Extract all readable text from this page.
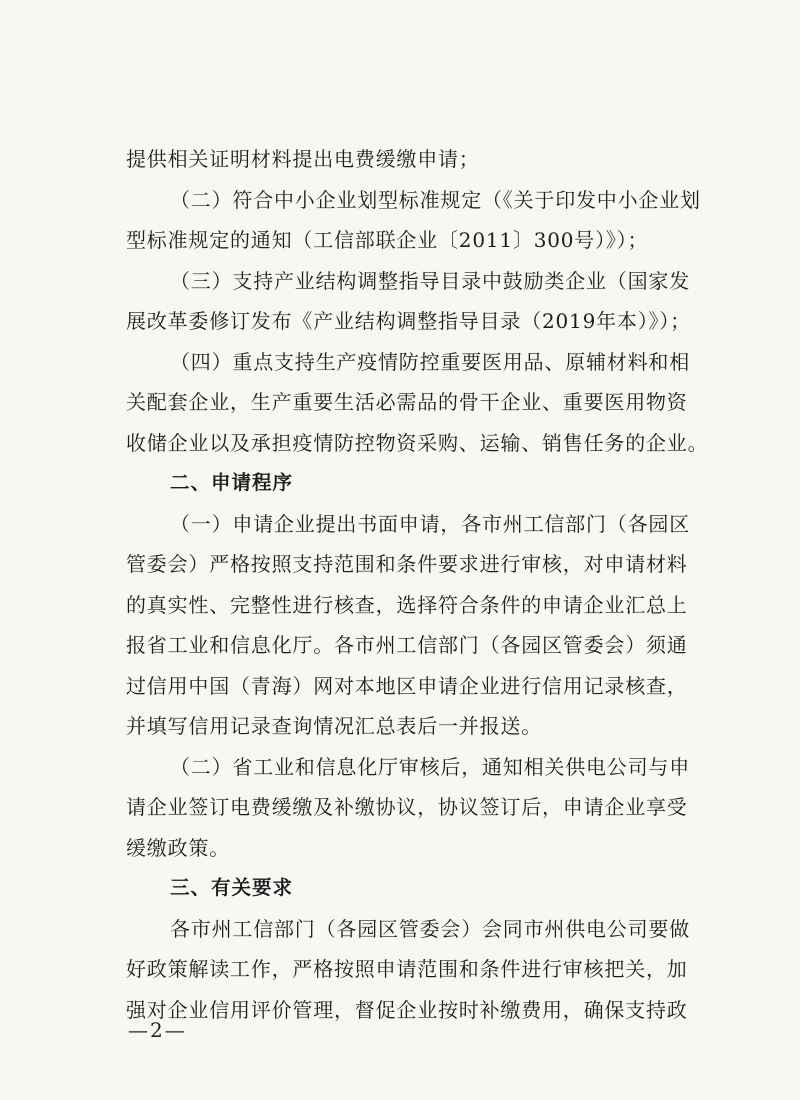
提供相关证明材料提出电费缓缴申请；
（二）符合中小企业划型标准规定（《关于印发中小企业划
型标准规定的通知（工信部联企业〔2011〕300号）》）；
（三）支持产业结构调整指导目录中鼓励类企业（国家发
展改革委修订发布《产业结构调整指导目录（2019年本）》）；
（四）重点支持生产疫情防控重要医用品、原辅材料和相
关配套企业，生产重要生活必需品的骨干企业、重要医用物资
收储企业以及承担疫情防控物资采购、运输、销售任务的企业。
二、申请程序
（一）申请企业提出书面申请，各市州工信部门（各园区
管委会）严格按照支持范围和条件要求进行审核，对申请材料
的真实性、完整性进行核查，选择符合条件的申请企业汇总上
报省工业和信息化厅。各市州工信部门（各园区管委会）须通
过信用中国（青海）网对本地区申请企业进行信用记录核查，
并填写信用记录查询情况汇总表后一并报送。
（二）省工业和信息化厅审核后，通知相关供电公司与申
请企业签订电费缓缴及补缴协议，协议签订后，申请企业享受
缓缴政策。
三、有关要求
各市州工信部门（各园区管委会）会同市州供电公司要做
好政策解读工作，严格按照申请范围和条件进行审核把关，加
强对企业信用评价管理，督促企业按时补缴费用，确保支持政
—2—
